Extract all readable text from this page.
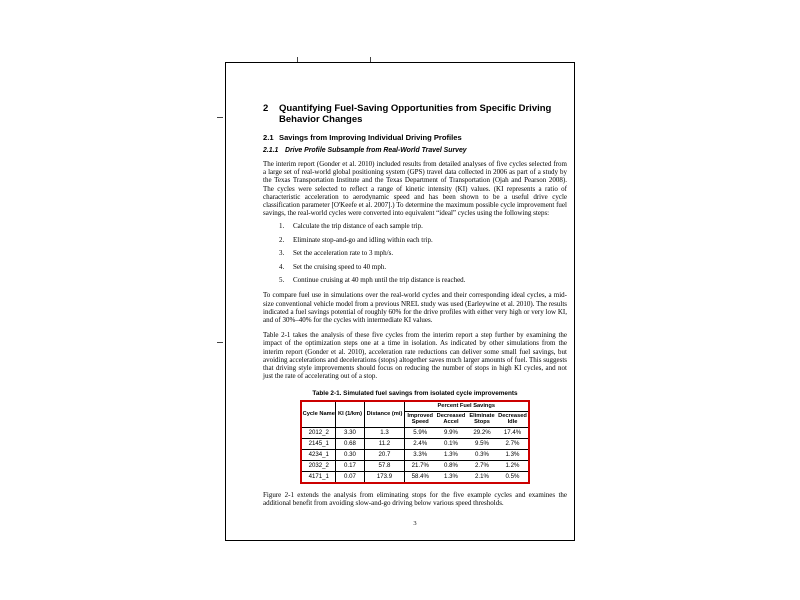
2	Quantifying Fuel-Saving Opportunities from Specific Driving Behavior Changes
2.1 Savings from Improving Individual Driving Profiles
2.1.1 Drive Profile Subsample from Real-World Travel Survey
The interim report (Gonder et al. 2010) included results from detailed analyses of five cycles selected from a large set of real-world global positioning system (GPS) travel data collected in 2006 as part of a study by the Texas Transportation Institute and the Texas Department of Transportation (Ojah and Pearson 2008). The cycles were selected to reflect a range of kinetic intensity (KI) values. (KI represents a ratio of characteristic acceleration to aerodynamic speed and has been shown to be a useful drive cycle classification parameter [O'Keefe et al. 2007].) To determine the maximum possible cycle improvement fuel savings, the real-world cycles were converted into equivalent “ideal” cycles using the following steps:
1.	Calculate the trip distance of each sample trip.
2.	Eliminate stop-and-go and idling within each trip.
3.	Set the acceleration rate to 3 mph/s.
4.	Set the cruising speed to 40 mph.
5.	Continue cruising at 40 mph until the trip distance is reached.
To compare fuel use in simulations over the real-world cycles and their corresponding ideal cycles, a mid-size conventional vehicle model from a previous NREL study was used (Earleywine et al. 2010). The results indicated a fuel savings potential of roughly 60% for the drive profiles with either very high or very low KI, and of 30%–40% for the cycles with intermediate KI values.
Table 2-1 takes the analysis of these five cycles from the interim report a step further by examining the impact of the optimization steps one at a time in isolation. As indicated by other simulations from the interim report (Gonder et al. 2010), acceleration rate reductions can deliver some small fuel savings, but avoiding accelerations and decelerations (stops) altogether saves much larger amounts of fuel. This suggests that driving style improvements should focus on reducing the number of stops in high KI cycles, and not just the rate of accelerating out of a stop.
Table 2-1. Simulated fuel savings from isolated cycle improvements
Cycle Name	KI (1/km)	Distance (mi)	Percent Fuel Savings			
			Improved Speed	Decreased Accel	Eliminate Stops	Decreased Idle
2012_2	3.30	1.3	5.9%	9.9%	29.2%	17.4%
2145_1	0.68	11.2	2.4%	0.1%	9.5%	2.7%
4234_1	0.30	20.7	3.3%	1.3%	0.3%	1.3%
2032_2	0.17	57.8	21.7%	0.8%	2.7%	1.2%
4171_1	0.07	173.9	58.4%	1.3%	2.1%	0.5%
Figure 2-1 extends the analysis from eliminating stops for the five example cycles and examines the additional benefit from avoiding slow-and-go driving below various speed thresholds.
3
